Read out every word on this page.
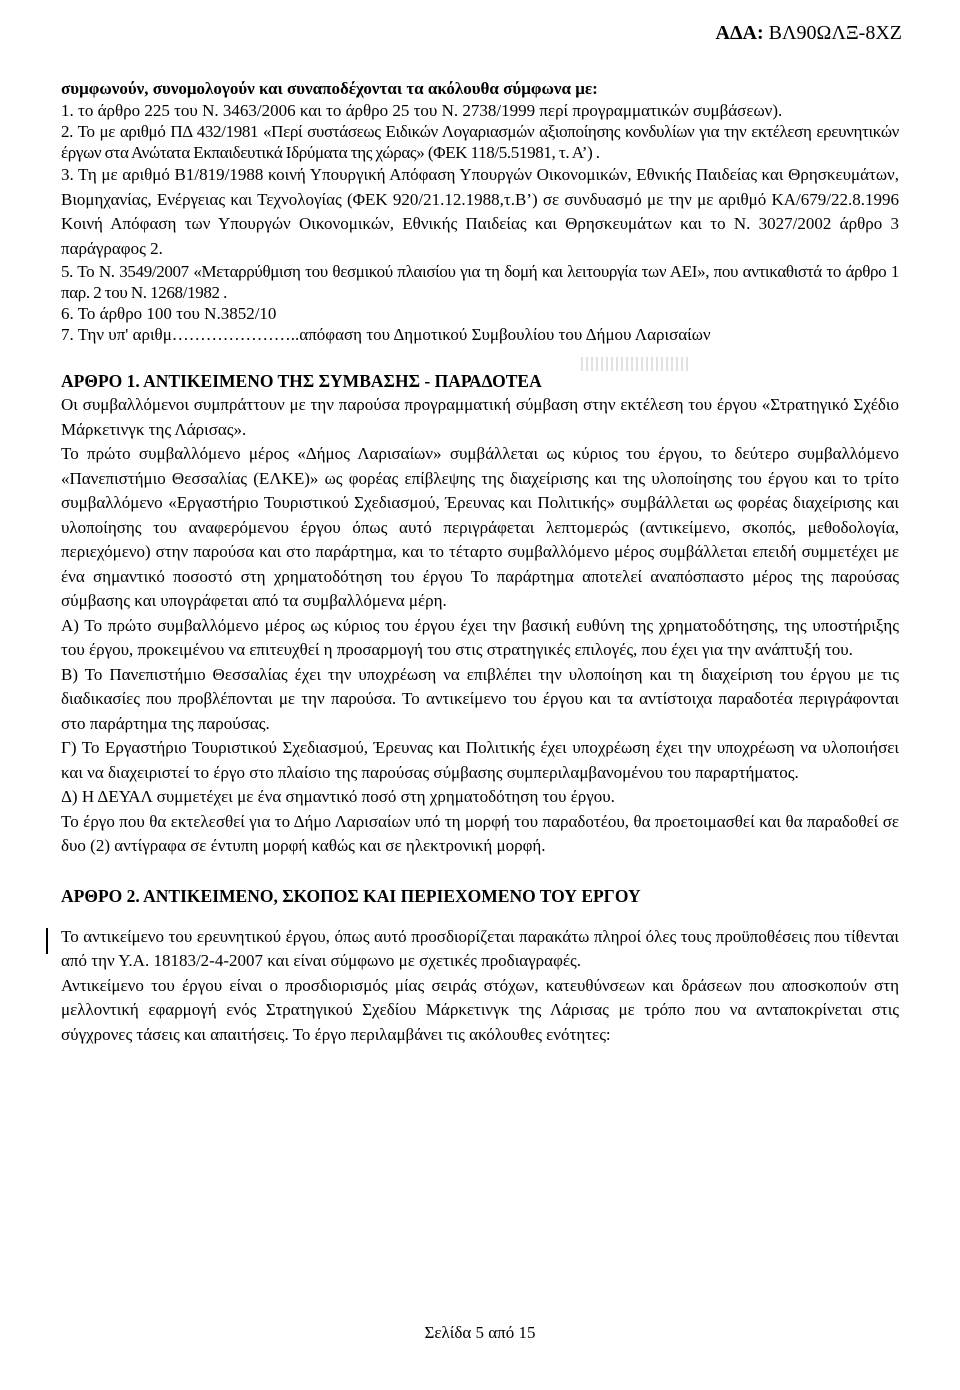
ΑΔΑ: ΒΛ90ΩΛΞ-8ΧΖ

συμφωνούν, συνομολογούν και συναποδέχονται τα ακόλουθα σύμφωνα με:

1. το άρθρο 225 του Ν. 3463/2006 και το άρθρο 25 του Ν. 2738/1999 περί προγραμματικών συμβάσεων).

2. Το με αριθμό ΠΔ 432/1981 «Περί συστάσεως Ειδικών Λογαριασμών αξιοποίησης κονδυλίων για την εκτέλεση ερευνητικών έργων στα Ανώτατα Εκπαιδευτικά Ιδρύματα της χώρας» (ΦΕΚ 118/5.51981, τ. Α’) .

3. Τη με αριθμό Β1/819/1988 κοινή Υπουργική Απόφαση Υπουργών Οικονομικών, Εθνικής Παιδείας και Θρησκευμάτων, Βιομηχανίας, Ενέργειας και Τεχνολογίας (ΦΕΚ 920/21.12.1988,τ.Β’) σε συνδυασμό με την με αριθμό ΚΑ/679/22.8.1996 Κοινή Απόφαση των Υπουργών Οικονομικών, Εθνικής Παιδείας και Θρησκευμάτων και το Ν. 3027/2002 άρθρο 3 παράγραφος 2.

5. Το Ν. 3549/2007 «Μεταρρύθμιση του θεσμικού πλαισίου για τη δομή και λειτουργία των ΑΕΙ», που αντικαθιστά το άρθρο 1 παρ. 2 του Ν. 1268/1982 .

6. Το άρθρο 100 του Ν.3852/10

7. Την υπ' αριθμ…………………..απόφαση του Δημοτικού Συμβουλίου του Δήμου Λαρισαίων

ΑΡΘΡΟ 1. ΑΝΤΙΚΕΙΜΕΝΟ ΤΗΣ ΣΥΜΒΑΣΗΣ - ΠΑΡΑΔΟΤΕΑ

Οι συμβαλλόμενοι συμπράττουν με την παρούσα προγραμματική σύμβαση στην εκτέλεση του έργου «Στρατηγικό Σχέδιο Μάρκετινγκ της Λάρισας».

Το πρώτο συμβαλλόμενο μέρος «Δήμος Λαρισαίων» συμβάλλεται ως κύριος του έργου, το δεύτερο συμβαλλόμενο «Πανεπιστήμιο Θεσσαλίας (ΕΛΚΕ)» ως φορέας επίβλεψης της διαχείρισης και της υλοποίησης του έργου και το τρίτο συμβαλλόμενο «Εργαστήριο Τουριστικού Σχεδιασμού, Έρευνας και Πολιτικής» συμβάλλεται ως φορέας διαχείρισης και υλοποίησης του αναφερόμενου έργου όπως αυτό περιγράφεται λεπτομερώς (αντικείμενο, σκοπός, μεθοδολογία, περιεχόμενο) στην παρούσα και στο παράρτημα, και το τέταρτο συμβαλλόμενο μέρος συμβάλλεται επειδή συμμετέχει με ένα σημαντικό ποσοστό στη χρηματοδότηση του έργου Το παράρτημα αποτελεί αναπόσπαστο μέρος της παρούσας σύμβασης και υπογράφεται από τα συμβαλλόμενα μέρη.

Α) Το πρώτο συμβαλλόμενο μέρος ως κύριος του έργου έχει την βασική ευθύνη της χρηματοδότησης, της υποστήριξης του έργου, προκειμένου να επιτευχθεί η προσαρμογή του στις στρατηγικές επιλογές, που έχει για την ανάπτυξή του.

Β) Το Πανεπιστήμιο Θεσσαλίας έχει την υποχρέωση να επιβλέπει την υλοποίηση και τη διαχείριση του έργου με τις διαδικασίες που προβλέπονται με την παρούσα. Το αντικείμενο του έργου και τα αντίστοιχα παραδοτέα περιγράφονται στο παράρτημα της παρούσας.

Γ) Το Εργαστήριο Τουριστικού Σχεδιασμού, Έρευνας και Πολιτικής έχει υποχρέωση έχει την υποχρέωση να υλοποιήσει και να διαχειριστεί το έργο στο πλαίσιο της παρούσας σύμβασης συμπεριλαμβανομένου του παραρτήματος.

Δ) Η ΔΕΥΑΛ συμμετέχει με ένα σημαντικό ποσό στη χρηματοδότηση του έργου.

Το έργο που θα εκτελεσθεί για το Δήμο Λαρισαίων υπό τη μορφή του παραδοτέου, θα προετοιμασθεί και θα παραδοθεί σε δυο (2) αντίγραφα σε έντυπη μορφή καθώς και σε ηλεκτρονική μορφή.

ΑΡΘΡΟ 2. ΑΝΤΙΚΕΙΜΕΝΟ, ΣΚΟΠΟΣ ΚΑΙ ΠΕΡΙΕΧΟΜΕΝΟ ΤΟΥ ΕΡΓΟΥ

Το αντικείμενο του ερευνητικού έργου, όπως αυτό προσδιορίζεται παρακάτω πληροί όλες τους προϋποθέσεις που τίθενται από την Υ.Α. 18183/2-4-2007 και είναι σύμφωνο με σχετικές προδιαγραφές.

Αντικείμενο του έργου είναι ο προσδιορισμός μίας σειράς στόχων, κατευθύνσεων και δράσεων που αποσκοπούν στη μελλοντική εφαρμογή ενός Στρατηγικού Σχεδίου Μάρκετινγκ της Λάρισας με τρόπο που να ανταποκρίνεται στις σύγχρονες τάσεις και απαιτήσεις. Το έργο περιλαμβάνει τις ακόλουθες ενότητες:

Σελίδα 5 από 15
